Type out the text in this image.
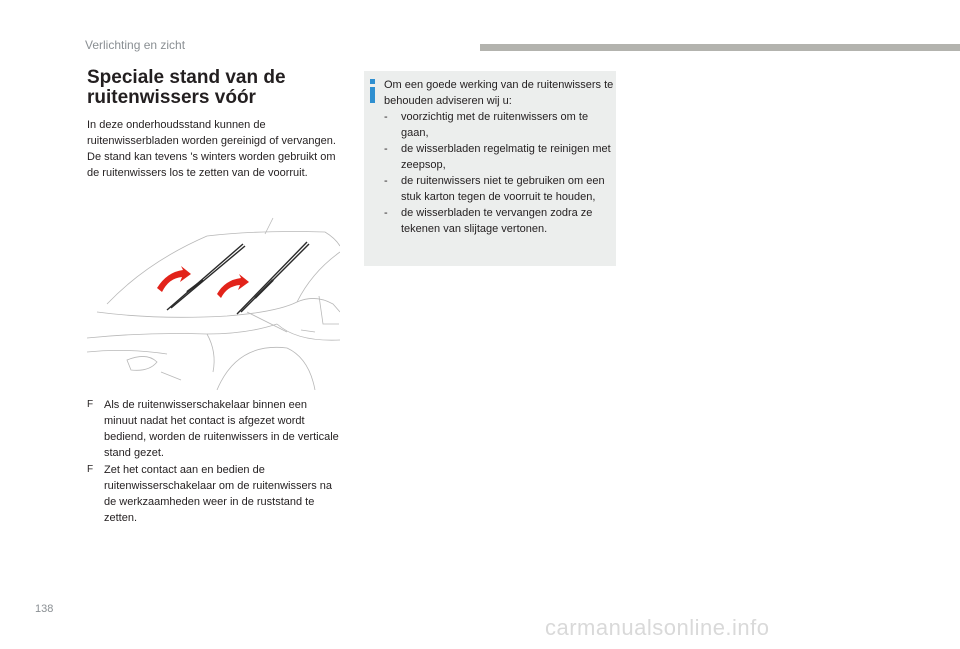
Verlichting en zicht
Speciale stand van de
ruitenwissers vóór

In deze onderhoudsstand kunnen de ruitenwisserbladen worden gereinigd of vervangen. De stand kan tevens 's winters worden gebruikt om de ruitenwissers los te zetten van de voorruit.

F Als de ruitenwisserschakelaar binnen een minuut nadat het contact is afgezet wordt bediend, worden de ruitenwissers in de verticale stand gezet.
F Zet het contact aan en bedien de ruitenwisserschakelaar om de ruitenwissers na de werkzaamheden weer in de ruststand te zetten.

Om een goede werking van de ruitenwissers te behouden adviseren wij u:

- voorzichtig met de ruitenwissers om te gaan,
- de wisserbladen regelmatig te reinigen met zeepsop,
- de ruitenwissers niet te gebruiken om een stuk karton tegen de voorruit te houden,
- de wisserbladen te vervangen zodra ze tekenen van slijtage vertonen.
138
carmanualsonline.info
